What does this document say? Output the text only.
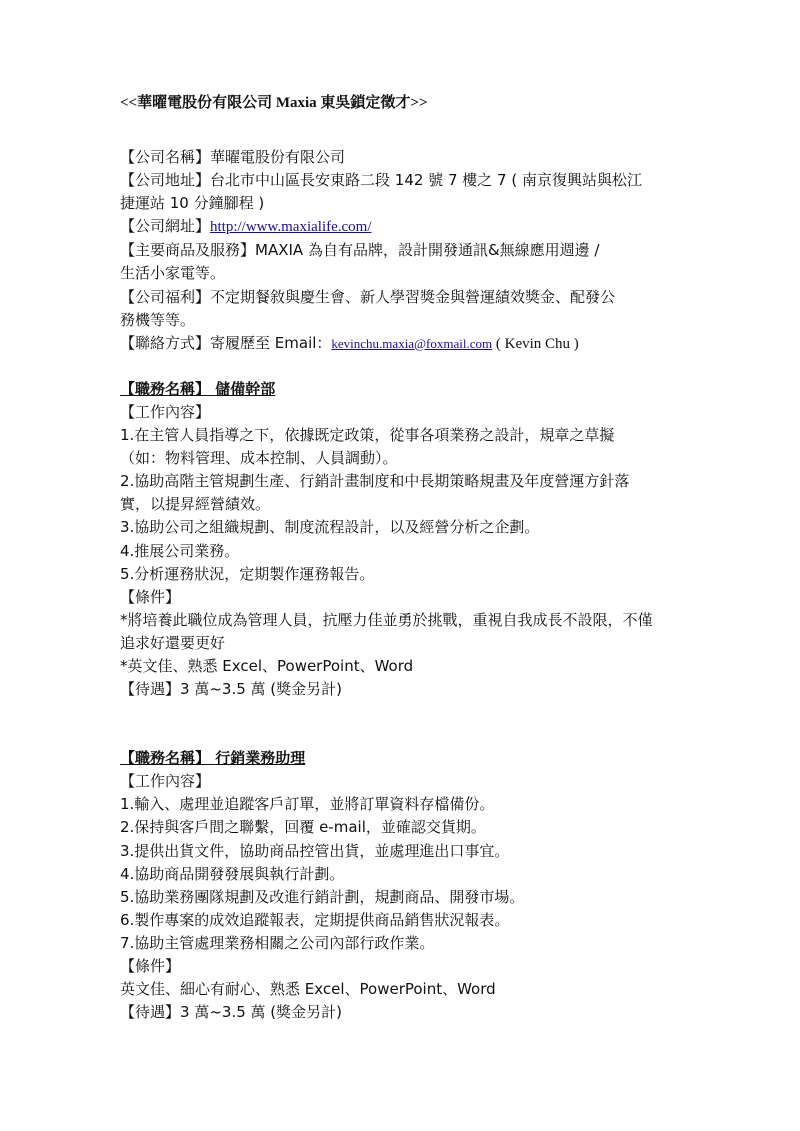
<<華曜電股份有限公司 Maxia 東吳鎖定徵才>>
【公司名稱】華曜電股份有限公司
【公司地址】台北市中山區長安東路二段 142 號 7 樓之 7 ( 南京復興站與松江
捷運站 10 分鐘腳程 )
【公司網址】http://www.maxialife.com/
【主要商品及服務】MAXIA 為自有品牌，設計開發通訊&無線應用週邊 /
生活小家電等。
【公司福利】不定期餐敘與慶生會、新人學習獎金與營運績效獎金、配發公
務機等等。
【聯絡方式】寄履歷至 Email：kevinchu.maxia@foxmail.com ( Kevin Chu )
【職務名稱】 儲備幹部
【工作內容】
1.在主管人員指導之下，依據既定政策，從事各項業務之設計，規章之草擬
（如：物料管理、成本控制、人員調動）。
2.協助高階主管規劃生產、行銷計畫制度和中長期策略規畫及年度營運方針落
實，以提昇經營績效。
3.協助公司之組織規劃、制度流程設計，以及經營分析之企劃。
4.推展公司業務。
5.分析運務狀況，定期製作運務報告。
【條件】
*將培養此職位成為管理人員，抗壓力佳並勇於挑戰，重視自我成長不設限，不僅
追求好還要更好
*英文佳、熟悉 Excel、PowerPoint、Word
【待遇】3 萬~3.5 萬 (獎金另計)
【職務名稱】 行銷業務助理
【工作內容】
1.輸入、處理並追蹤客戶訂單，並將訂單資料存檔備份。
2.保持與客戶間之聯繫，回覆 e-mail，並確認交貨期。
3.提供出貨文件，協助商品控管出貨，並處理進出口事宜。
4.協助商品開發發展與執行計劃。
5.協助業務團隊規劃及改進行銷計劃，規劃商品、開發市場。
6.製作專案的成效追蹤報表，定期提供商品銷售狀況報表。
7.協助主管處理業務相關之公司內部行政作業。
【條件】
英文佳、細心有耐心、熟悉 Excel、PowerPoint、Word
【待遇】3 萬~3.5 萬 (獎金另計)
